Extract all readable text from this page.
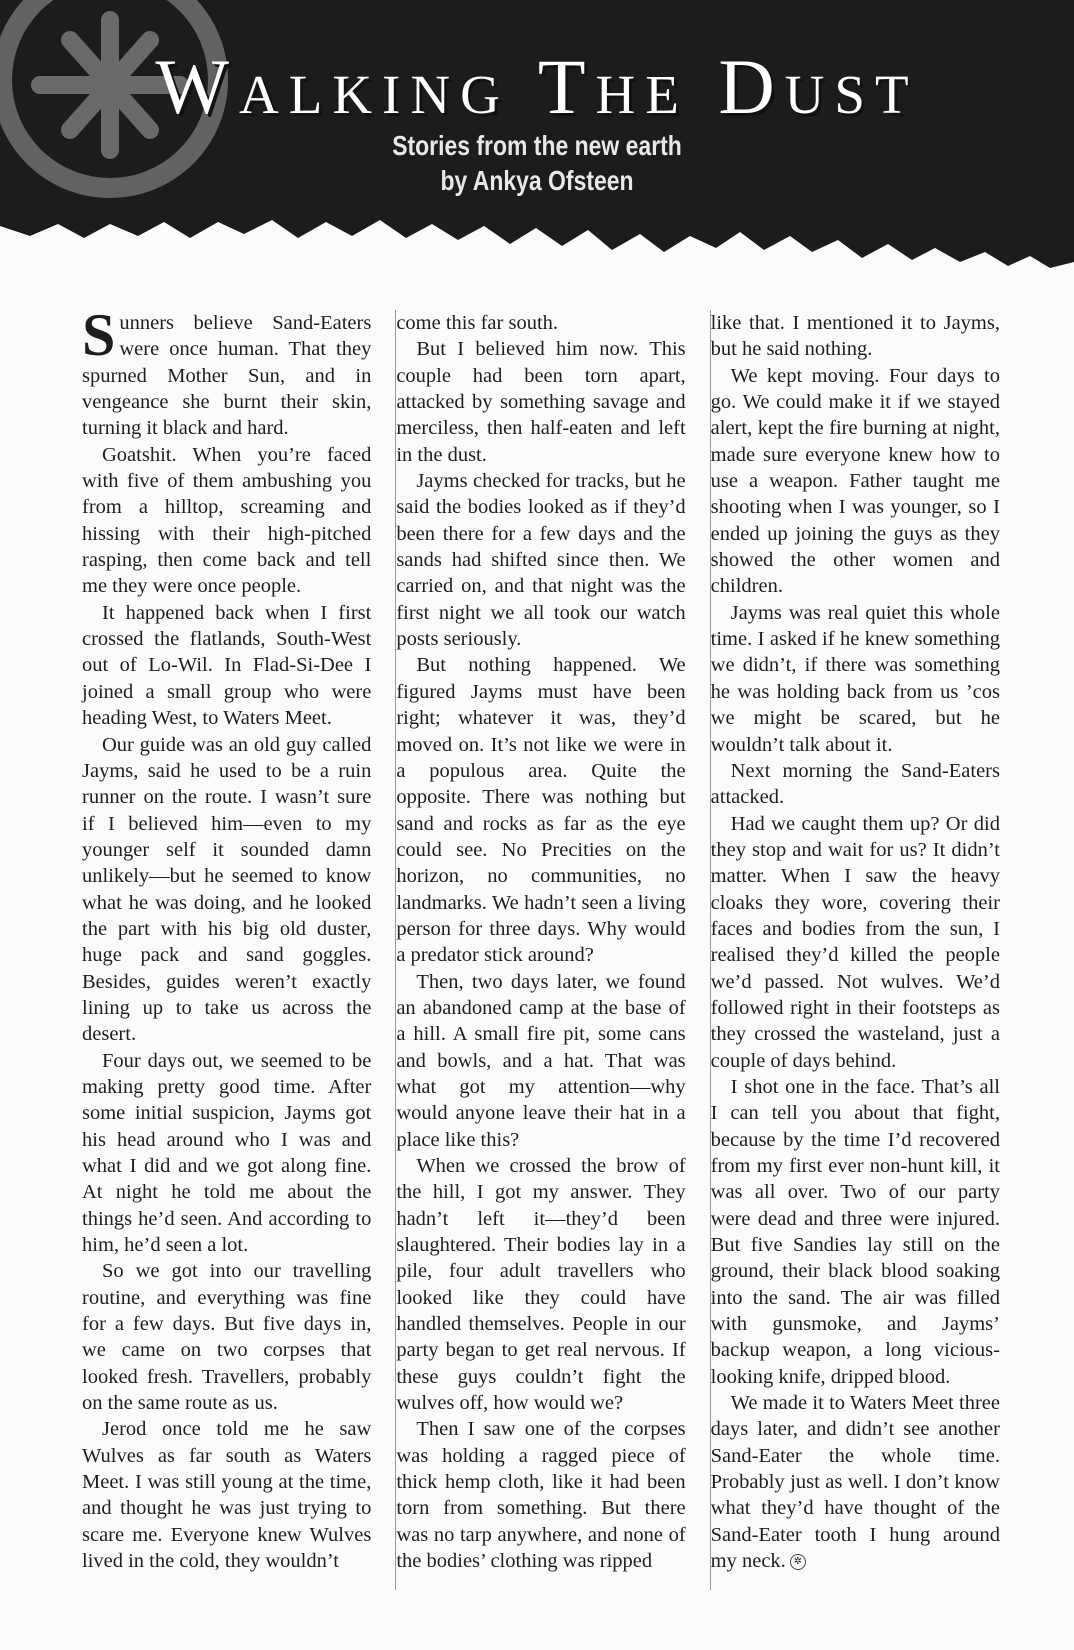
Walking The Dust
Stories from the new earth
by Ankya Ofsteen

Sunners believe Sand-Eaters were once human. That they spurned Mother Sun, and in vengeance she burnt their skin, turning it black and hard.

Goatshit. When you’re faced with five of them ambushing you from a hilltop, screaming and hissing with their high-pitched rasping, then come back and tell me they were once people.

It happened back when I first crossed the flatlands, South-West out of Lo-Wil. In Flad-Si-Dee I joined a small group who were heading West, to Waters Meet.

Our guide was an old guy called Jayms, said he used to be a ruin runner on the route. I wasn’t sure if I believed him—even to my younger self it sounded damn unlikely—but he seemed to know what he was doing, and he looked the part with his big old duster, huge pack and sand goggles. Besides, guides weren’t exactly lining up to take us across the desert.

Four days out, we seemed to be making pretty good time. After some initial suspicion, Jayms got his head around who I was and what I did and we got along fine. At night he told me about the things he’d seen. And according to him, he’d seen a lot.

So we got into our travelling routine, and everything was fine for a few days. But five days in, we came on two corpses that looked fresh. Travellers, probably on the same route as us.

Jerod once told me he saw Wulves as far south as Waters Meet. I was still young at the time, and thought he was just trying to scare me. Everyone knew Wulves lived in the cold, they wouldn’t

come this far south.

But I believed him now. This couple had been torn apart, attacked by something savage and merciless, then half-eaten and left in the dust.

Jayms checked for tracks, but he said the bodies looked as if they’d been there for a few days and the sands had shifted since then. We carried on, and that night was the first night we all took our watch posts seriously.

But nothing happened. We figured Jayms must have been right; whatever it was, they’d moved on. It’s not like we were in a populous area. Quite the opposite. There was nothing but sand and rocks as far as the eye could see. No Precities on the horizon, no communities, no landmarks. We hadn’t seen a living person for three days. Why would a predator stick around?

Then, two days later, we found an abandoned camp at the base of a hill. A small fire pit, some cans and bowls, and a hat. That was what got my attention—why would anyone leave their hat in a place like this?

When we crossed the brow of the hill, I got my answer. They hadn’t left it—they’d been slaughtered. Their bodies lay in a pile, four adult travellers who looked like they could have handled themselves. People in our party began to get real nervous. If these guys couldn’t fight the wulves off, how would we?

Then I saw one of the corpses was holding a ragged piece of thick hemp cloth, like it had been torn from something. But there was no tarp anywhere, and none of the bodies’ clothing was ripped

like that. I mentioned it to Jayms, but he said nothing.

We kept moving. Four days to go. We could make it if we stayed alert, kept the fire burning at night, made sure everyone knew how to use a weapon. Father taught me shooting when I was younger, so I ended up joining the guys as they showed the other women and children.

Jayms was real quiet this whole time. I asked if he knew something we didn’t, if there was something he was holding back from us ’cos we might be scared, but he wouldn’t talk about it.

Next morning the Sand-Eaters attacked.

Had we caught them up? Or did they stop and wait for us? It didn’t matter. When I saw the heavy cloaks they wore, covering their faces and bodies from the sun, I realised they’d killed the people we’d passed. Not wulves. We’d followed right in their footsteps as they crossed the wasteland, just a couple of days behind.

I shot one in the face. That’s all I can tell you about that fight, because by the time I’d recovered from my first ever non-hunt kill, it was all over. Two of our party were dead and three were injured. But five Sandies lay still on the ground, their black blood soaking into the sand. The air was filled with gunsmoke, and Jayms’ backup weapon, a long vicious-looking knife, dripped blood.

We made it to Waters Meet three days later, and didn’t see another Sand-Eater the whole time. Probably just as well. I don’t know what they’d have thought of the Sand-Eater tooth I hung around my neck. ✲
